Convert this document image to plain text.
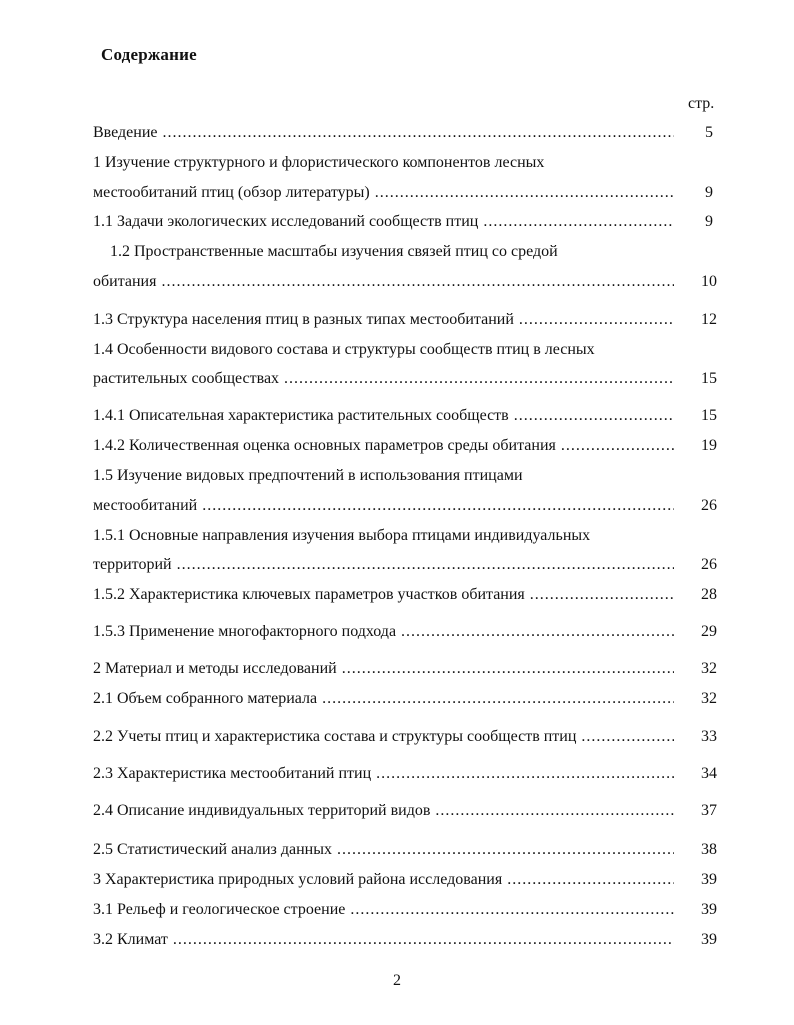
Содержание
стр.
Введение .....	5
1 Изучение структурного и флористического компонентов лесных
местообитаний птиц (обзор литературы) .....	9
1.1 Задачи экологических исследований сообществ птиц .....	9
1.2 Пространственные масштабы изучения связей птиц со средой
обитания .....	10
1.3 Структура населения птиц в разных типах местообитаний .....	12
1.4 Особенности видового состава и структуры сообществ птиц в лесных
растительных сообществах .....	15
1.4.1 Описательная характеристика растительных сообществ .....	15
1.4.2 Количественная оценка основных параметров среды обитания .....	19
1.5 Изучение видовых предпочтений в использования птицами
местообитаний .....	26
1.5.1 Основные направления изучения выбора птицами индивидуальных
территорий .....	26
1.5.2 Характеристика ключевых параметров участков обитания .....	28
1.5.3 Применение многофакторного подхода .....	29
2 Материал и методы исследований .....	32
2.1 Объем собранного материала .....	32
2.2 Учеты птиц и характеристика состава и структуры сообществ птиц .....	33
2.3 Характеристика местообитаний птиц .....	34
2.4 Описание индивидуальных территорий видов .....	37
2.5 Статистический анализ данных .....	38
3 Характеристика природных условий района исследования .....	39
3.1 Рельеф и геологическое строение .....	39
3.2 Климат .....	39
2
